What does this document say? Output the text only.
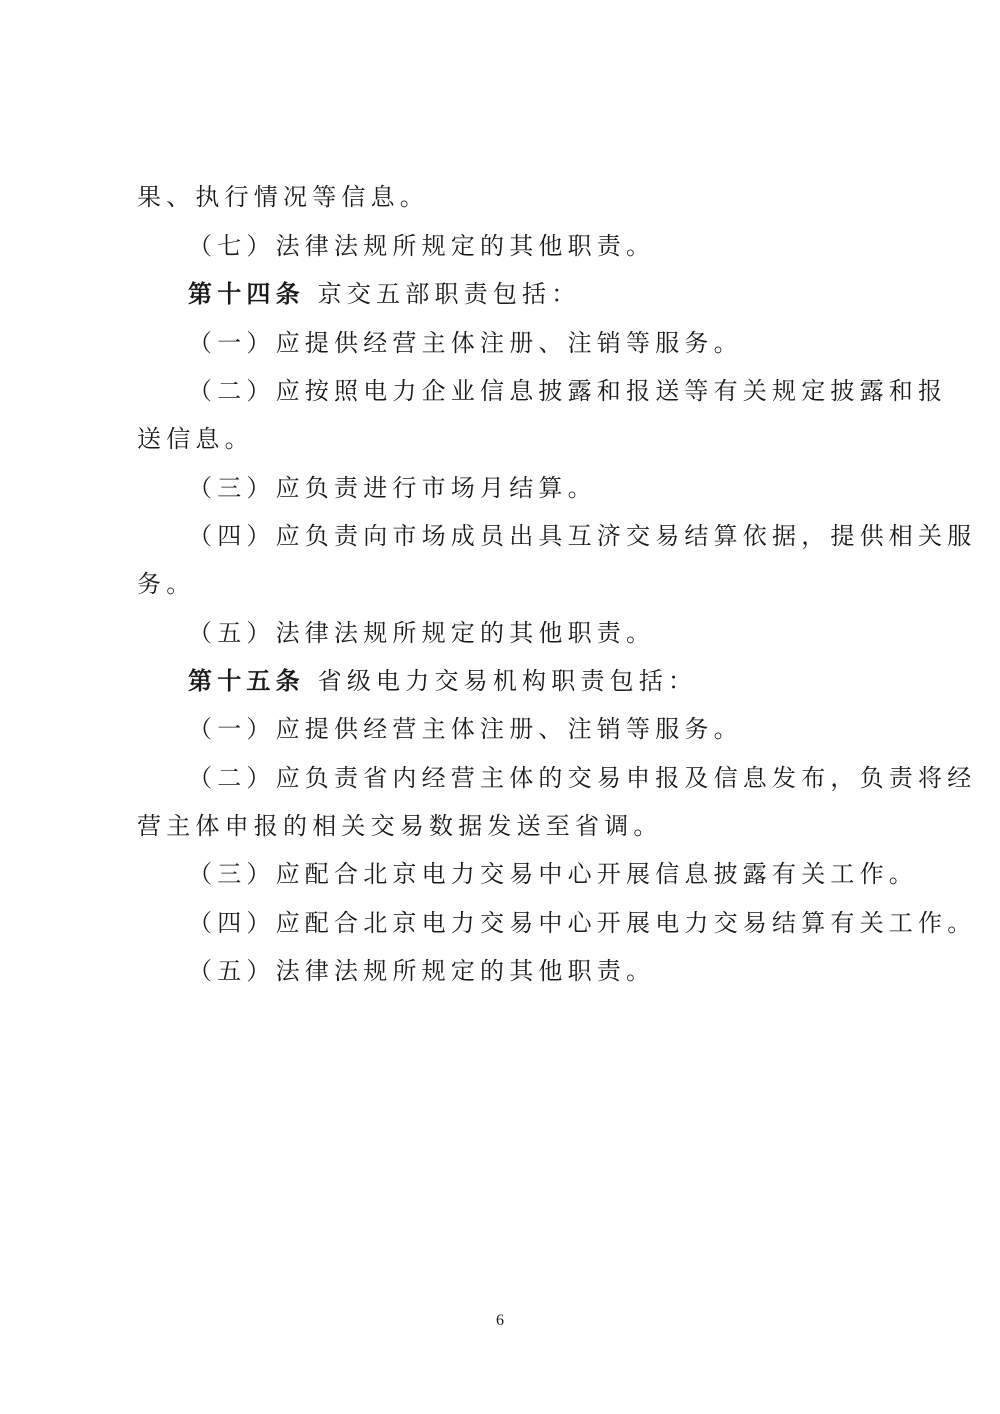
果、执行情况等信息。
（七）法律法规所规定的其他职责。
第十四条 京交五部职责包括：
（一）应提供经营主体注册、注销等服务。
（二）应按照电力企业信息披露和报送等有关规定披露和报
送信息。
（三）应负责进行市场月结算。
（四）应负责向市场成员出具互济交易结算依据，提供相关服
务。
（五）法律法规所规定的其他职责。
第十五条 省级电力交易机构职责包括：
（一）应提供经营主体注册、注销等服务。
（二）应负责省内经营主体的交易申报及信息发布，负责将经
营主体申报的相关交易数据发送至省调。
（三）应配合北京电力交易中心开展信息披露有关工作。
（四）应配合北京电力交易中心开展电力交易结算有关工作。
（五）法律法规所规定的其他职责。
6
